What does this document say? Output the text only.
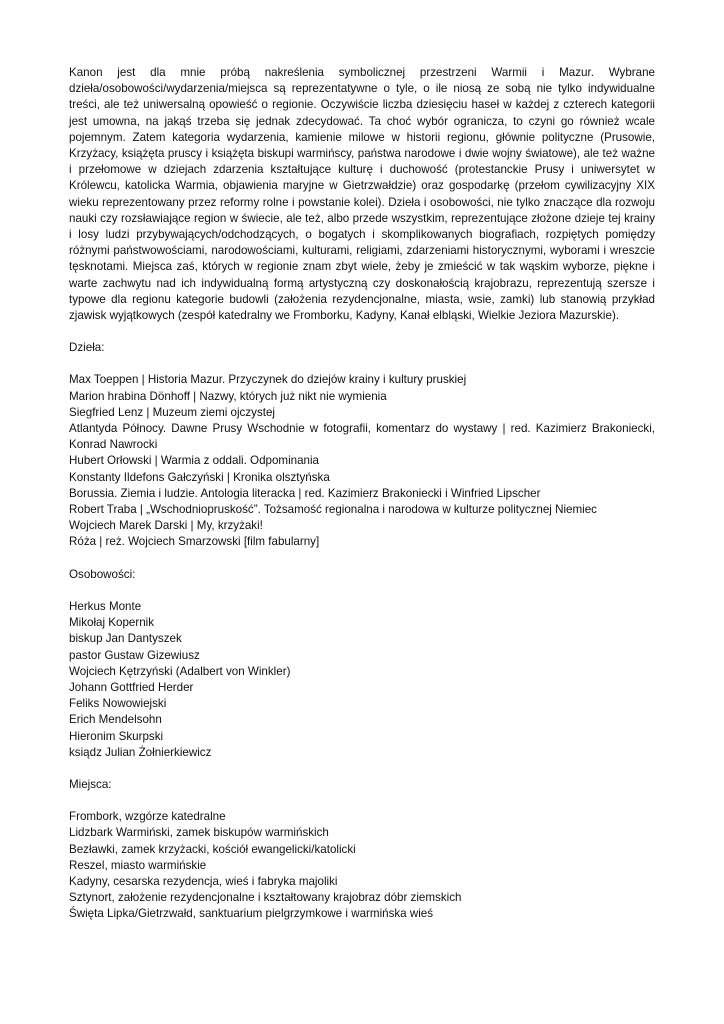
Kanon jest dla mnie próbą nakreślenia symbolicznej przestrzeni Warmii i Mazur. Wybrane dzieła/osobowości/wydarzenia/miejsca są reprezentatywne o tyle, o ile niosą ze sobą nie tylko indywidualne treści, ale też uniwersalną opowieść o regionie. Oczywiście liczba dziesięciu haseł w każdej z czterech kategorii jest umowna, na jakąś trzeba się jednak zdecydować. Ta choć wybór ogranicza, to czyni go również wcale pojemnym. Zatem kategoria wydarzenia, kamienie milowe w historii regionu, głównie polityczne (Prusowie, Krzyżacy, książęta pruscy i książęta biskupi warmińscy, państwa narodowe i dwie wojny światowe), ale też ważne i przełomowe w dziejach zdarzenia kształtujące kulturę i duchowość (protestanckie Prusy i uniwersytet w Królewcu, katolicka Warmia, objawienia maryjne w Gietrzwałdzie) oraz gospodarkę (przełom cywilizacyjny XIX wieku reprezentowany przez reformy rolne i powstanie kolei). Dzieła i osobowości, nie tylko znaczące dla rozwoju nauki czy rozsławiające region w świecie, ale też, albo przede wszystkim, reprezentujące złożone dzieje tej krainy i losy ludzi przybywających/odchodzących, o bogatych i skomplikowanych biografiach, rozpiętych pomiędzy różnymi państwowościami, narodowościami, kulturami, religiami, zdarzeniami historycznymi, wyborami i wreszcie tęsknotami. Miejsca zaś, których w regionie znam zbyt wiele, żeby je zmieścić w tak wąskim wyborze, piękne i warte zachwytu nad ich indywidualną formą artystyczną czy doskonałością krajobrazu, reprezentują szersze i typowe dla regionu kategorie budowli (założenia rezydencjonalne, miasta, wsie, zamki) lub stanowią przykład zjawisk wyjątkowych (zespół katedralny we Fromborku, Kadyny, Kanał elbląski, Wielkie Jeziora Mazurskie).

Dzieła:

Max Toeppen | Historia Mazur. Przyczynek do dziejów krainy i kultury pruskiej
Marion hrabina Dönhoff | Nazwy, których już nikt nie wymienia
Siegfried Lenz | Muzeum ziemi ojczystej
Atlantyda Północy. Dawne Prusy Wschodnie w fotografii, komentarz do wystawy | red. Kazimierz Brakoniecki, Konrad Nawrocki
Hubert Orłowski | Warmia z oddali. Odpominania
Konstanty Ildefons Gałczyński | Kronika olsztyńska
Borussia. Ziemia i ludzie. Antologia literacka | red. Kazimierz Brakoniecki i Winfried Lipscher
Robert Traba | „Wschodniopruskość”. Tożsamość regionalna i narodowa w kulturze politycznej Niemiec
Wojciech Marek Darski | My, krzyżaki!
Róża | reż. Wojciech Smarzowski [film fabularny]

Osobowości:

Herkus Monte
Mikołaj Kopernik
biskup Jan Dantyszek
pastor Gustaw Gizewiusz
Wojciech Kętrzyński (Adalbert von Winkler)
Johann Gottfried Herder
Feliks Nowowiejski
Erich Mendelsohn
Hieronim Skurpski
ksiądz Julian Żołnierkiewicz

Miejsca:

Frombork, wzgórze katedralne
Lidzbark Warmiński, zamek biskupów warmińskich
Bezławki, zamek krzyżacki, kościół ewangelicki/katolicki
Reszel, miasto warmińskie
Kadyny, cesarska rezydencja, wieś i fabryka majoliki
Sztynort, założenie rezydencjonalne i kształtowany krajobraz dóbr ziemskich
Święta Lipka/Gietrzwałd, sanktuarium pielgrzymkowe i warmińska wieś
